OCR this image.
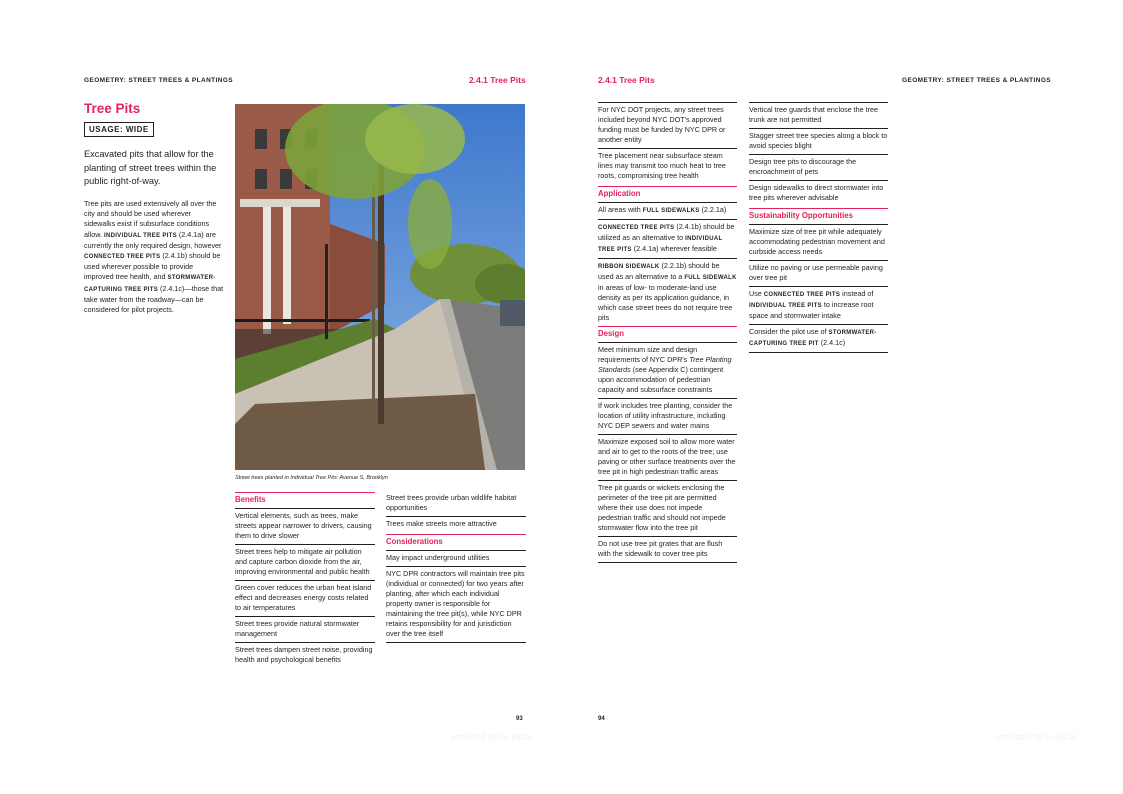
GEOMETRY: STREET TREES & PLANTINGS	2.4.1 Tree Pits
Tree Pits
USAGE: WIDE
Excavated pits that allow for the planting of street trees within the public right-of-way.
Tree pits are used extensively all over the city and should be used wherever sidewalks exist if subsurface conditions allow. INDIVIDUAL TREE PITS (2.4.1a) are currently the only required design, however CONNECTED TREE PITS (2.4.1b) should be used wherever possible to provide improved tree health, and STORMWATER-CAPTURING TREE PITS (2.4.1c)—those that take water from the roadway—can be considered for pilot projects.
Street trees planted in Individual Tree Pits: Avenue S, Brooklyn
Benefits
Vertical elements, such as trees, make streets appear narrower to drivers, causing them to drive slower
Street trees help to mitigate air pollution and capture carbon dioxide from the air, improving environmental and public health
Green cover reduces the urban heat island effect and decreases energy costs related to air temperatures
Street trees provide natural stormwater management
Street trees dampen street noise, providing health and psychological benefits
Street trees provide urban wildlife habitat opportunities
Trees make streets more attractive
Considerations
May impact underground utilities
NYC DPR contractors will maintain tree pits (individual or connected) for two years after planting, after which each individual property owner is responsible for maintaining the tree pit(s), while NYC DPR retains responsibility for and jurisdiction over the tree itself
93
provided by liu jiacai
2.4.1 Tree Pits	GEOMETRY: STREET TREES & PLANTINGS
For NYC DOT projects, any street trees included beyond NYC DOT's approved funding must be funded by NYC DPR or another entity
Tree placement near subsurface steam lines may transmit too much heat to tree roots, compromising tree health
Application
All areas with FULL SIDEWALKS (2.2.1a)
CONNECTED TREE PITS (2.4.1b) should be utilized as an alternative to INDIVIDUAL TREE PITS (2.4.1a) wherever feasible
RIBBON SIDEWALK (2.2.1b) should be used as an alternative to a FULL SIDEWALK in areas of low- to moderate-land use density as per its application guidance, in which case street trees do not require tree pits
Design
Meet minimum size and design requirements of NYC DPR's Tree Planting Standards (see Appendix C) contingent upon accommodation of pedestrian capacity and subsurface constraints
If work includes tree planting, consider the location of utility infrastructure, including NYC DEP sewers and water mains
Maximize exposed soil to allow more water and air to get to the roots of the tree; use paving or other surface treatments over the tree pit in high pedestrian traffic areas
Tree pit guards or wickets enclosing the perimeter of the tree pit are permitted where their use does not impede pedestrian traffic and should not impede stormwater flow into the tree pit
Do not use tree pit grates that are flush with the sidewalk to cover tree pits
Vertical tree guards that enclose the tree trunk are not permitted
Stagger street tree species along a block to avoid species blight
Design tree pits to discourage the encroachment of pets
Design sidewalks to direct stormwater into tree pits wherever advisable
Sustainability Opportunities
Maximize size of tree pit while adequately accommodating pedestrian movement and curbside access needs
Utilize no paving or use permeable paving over tree pit
Use CONNECTED TREE PITS instead of INDIVIDUAL TREE PITS to increase root space and stormwater intake
Consider the pilot use of STORMWATER-CAPTURING TREE PIT (2.4.1c)
94
provided by liu jiacai
